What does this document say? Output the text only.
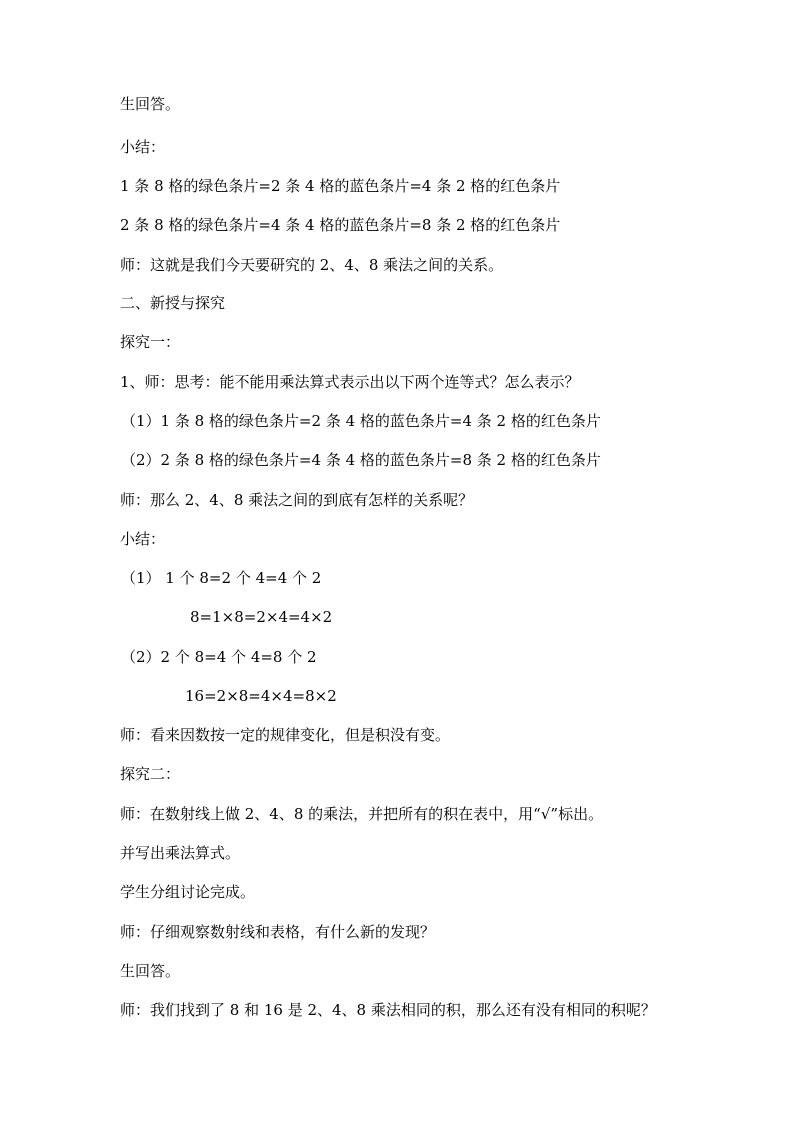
生回答。
小结：
1 条 8 格的绿色条片=2 条 4 格的蓝色条片=4 条 2 格的红色条片
2 条 8 格的绿色条片=4 条 4 格的蓝色条片=8 条 2 格的红色条片
师：这就是我们今天要研究的 2、4、8 乘法之间的关系。
二、新授与探究
探究一：
1、师：思考：能不能用乘法算式表示出以下两个连等式？怎么表示？
（1）1 条 8 格的绿色条片=2 条 4 格的蓝色条片=4 条 2 格的红色条片
（2）2 条 8 格的绿色条片=4 条 4 格的蓝色条片=8 条 2 格的红色条片
师：那么 2、4、8 乘法之间的到底有怎样的关系呢？
小结：
（1） 1 个 8=2 个 4=4 个 2
8=1×8=2×4=4×2
（2）2 个 8=4 个 4=8 个 2
16=2×8=4×4=8×2
师：看来因数按一定的规律变化，但是积没有变。
探究二：
师：在数射线上做 2、4、8 的乘法，并把所有的积在表中，用“√”标出。
并写出乘法算式。
学生分组讨论完成。
师：仔细观察数射线和表格，有什么新的发现？
生回答。
师：我们找到了 8 和 16 是 2、4、8 乘法相同的积，那么还有没有相同的积呢？
